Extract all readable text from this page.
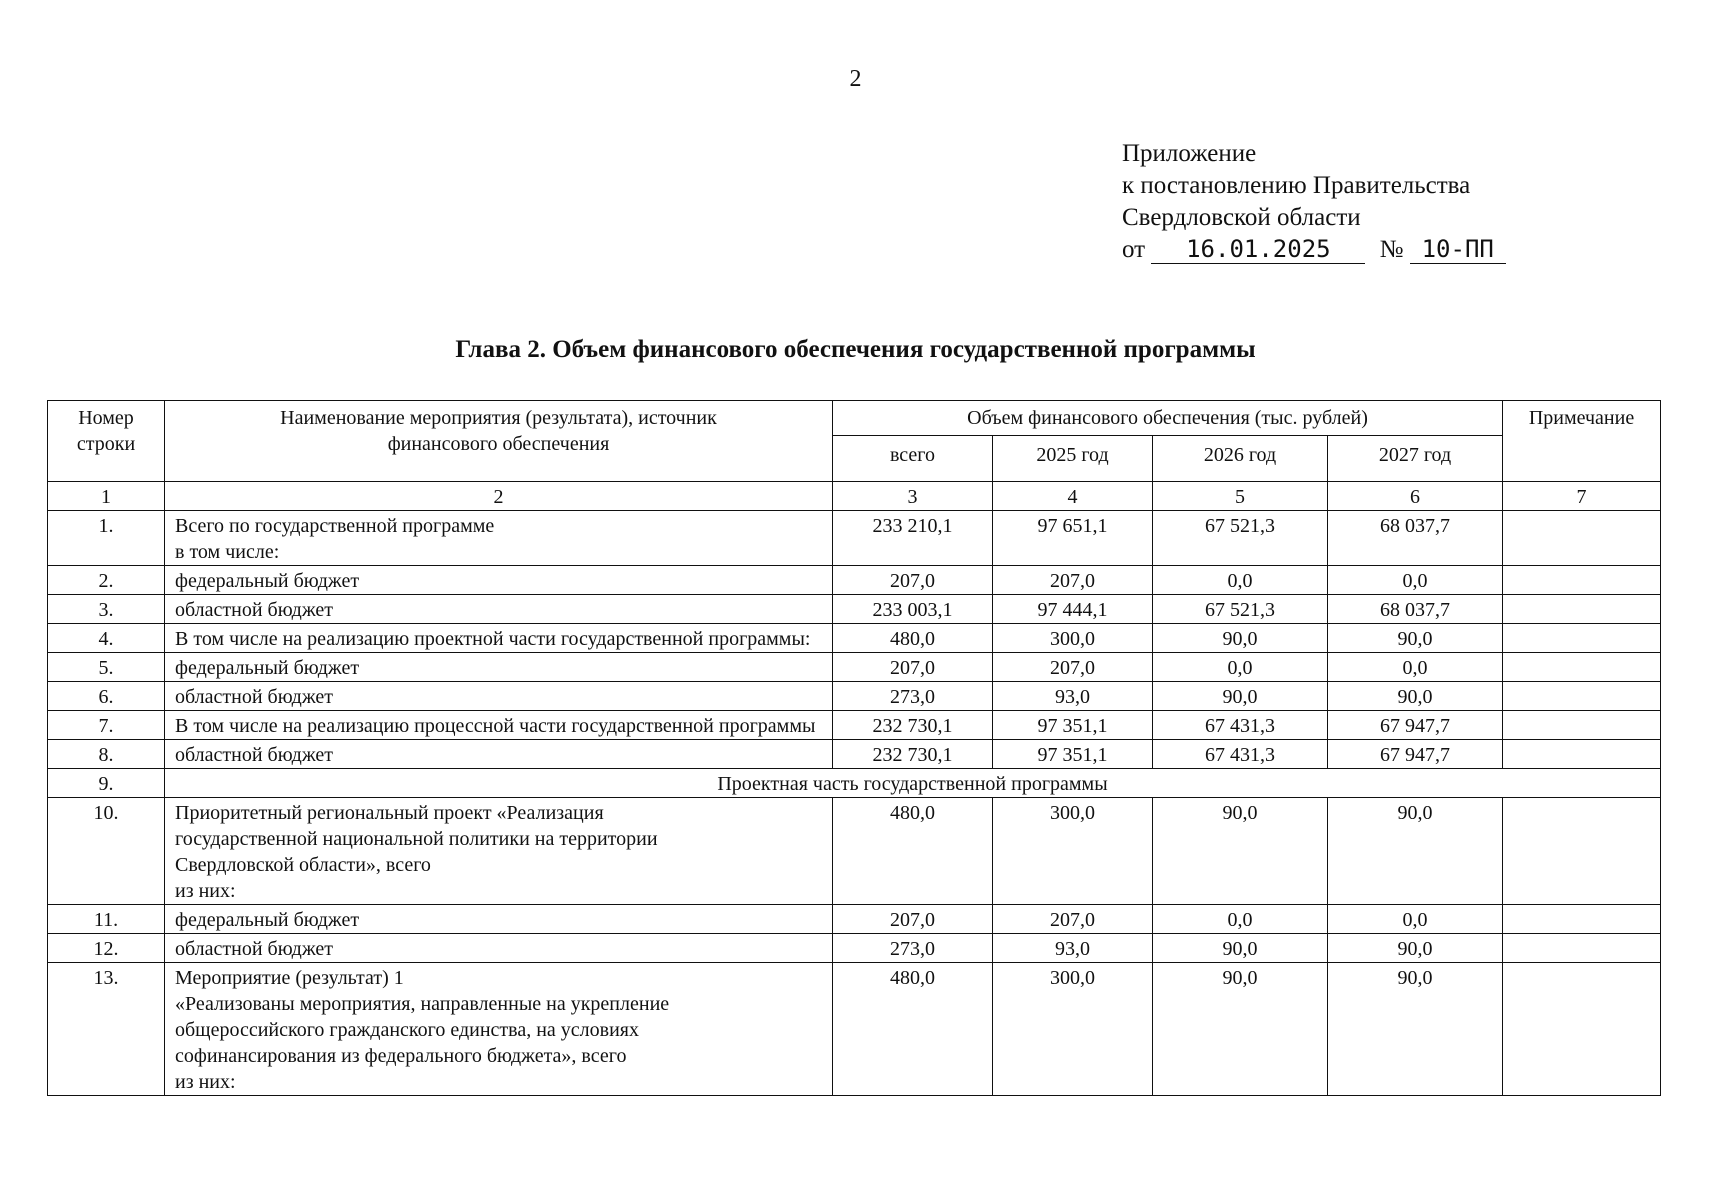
2
Приложение
к постановлению Правительства
Свердловской области
от 16.01.2025 № 10-ПП
Глава 2. Объем финансового обеспечения государственной программы
Номер строки	Наименование мероприятия (результата), источник финансового обеспечения	Объем финансового обеспечения (тыс. рублей)				Примечание
		всего	2025 год	2026 год	2027 год	
1	2	3	4	5	6	7
1.	Всего по государственной программе
в том числе:	233 210,1	97 651,1	67 521,3	68 037,7	
2.	федеральный бюджет	207,0	207,0	0,0	0,0	
3.	областной бюджет	233 003,1	97 444,1	67 521,3	68 037,7	
4.	В том числе на реализацию проектной части государственной программы:	480,0	300,0	90,0	90,0	
5.	федеральный бюджет	207,0	207,0	0,0	0,0	
6.	областной бюджет	273,0	93,0	90,0	90,0	
7.	В том числе на реализацию процессной части государственной программы	232 730,1	97 351,1	67 431,3	67 947,7	
8.	областной бюджет	232 730,1	97 351,1	67 431,3	67 947,7	
9.	Проектная часть государственной программы					
10.	Приоритетный региональный проект «Реализация
государственной национальной политики на территории
Свердловской области», всего
из них:	480,0	300,0	90,0	90,0	
11.	федеральный бюджет	207,0	207,0	0,0	0,0	
12.	областной бюджет	273,0	93,0	90,0	90,0	
13.	Мероприятие (результат) 1
«Реализованы мероприятия, направленные на укрепление
общероссийского гражданского единства, на условиях
софинансирования из федерального бюджета», всего
из них:	480,0	300,0	90,0	90,0	
